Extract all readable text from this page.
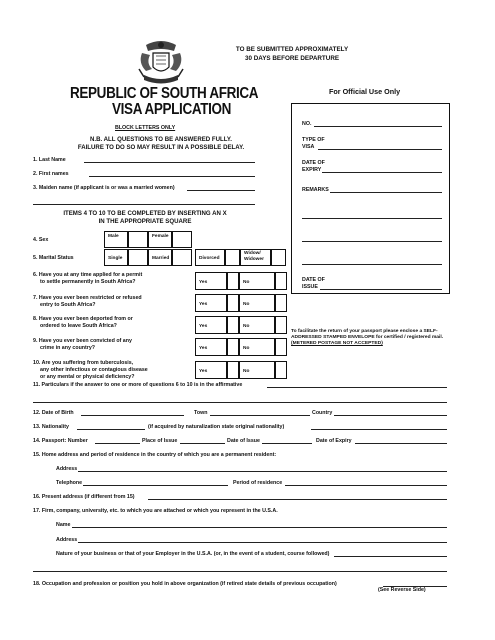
TO BE SUBMITTED APPROXIMATELY
30 DAYS BEFORE DEPARTURE
REPUBLIC OF SOUTH AFRICA
VISA APPLICATION
BLOCK LETTERS ONLY
N.B. ALL QUESTIONS TO BE ANSWERED FULLY.
FAILURE TO DO SO MAY RESULT IN A POSSIBLE DELAY.
For Official Use Only
NO.
TYPE OF
VISA
DATE OF
EXPIRY
REMARKS
DATE OF
ISSUE
To facilitate the return of your passport please enclose a SELF-
ADDRESSED STAMPED ENVELOPE for certified / registered mail.
(METERED POSTAGE NOT ACCEPTED)
1. Last Name
2. First names
3. Maiden name (if applicant is or was a married women)
ITEMS 4 TO 10 TO BE COMPLETED BY INSERTING AN X
IN THE APPROPRIATE SQUARE
4. Sex
Male	Female
5. Marital Status	Single	Married	Divorced
Widow/
Widower
6. Have you at any time applied for a permit
to settle permanently in South Africa?	Yes	No
7. Have you ever been restricted or refused
entry to South Africa?	Yes	No
8. Have you ever been deported from or
ordered to leave South Africa?	Yes	No
9. Have you ever been convicted of any
crime in any country?	Yes	No
10. Are you suffering from tuberculosis,
any other infectious or contagious disease
or any mental or physical deficiency?
Yes	No
11. Particulars if the answer to one or more of questions 6 to 10 is in the affirmative
12. Date of Birth	Town	Country
13. Nationality	(if acquired by naturalization state original nationality)
14. Passport: Number	Place of Issue	Date of Issue	Date of Expiry
15. Home address and period of residence in the country of which you are a permanent resident:
Address
Telephone	Period of residence
16. Present address (if different from 15)
17. Firm, company, university, etc. to which you are attached or which you represent in the U.S.A.
Name
Address
Nature of your business or that of your Employer in the U.S.A. (or, in the event of a student, course followed)
18. Occupation and profession or position you hold in above organization (if retired state details of previous occupation)
(See Reverse Side)
